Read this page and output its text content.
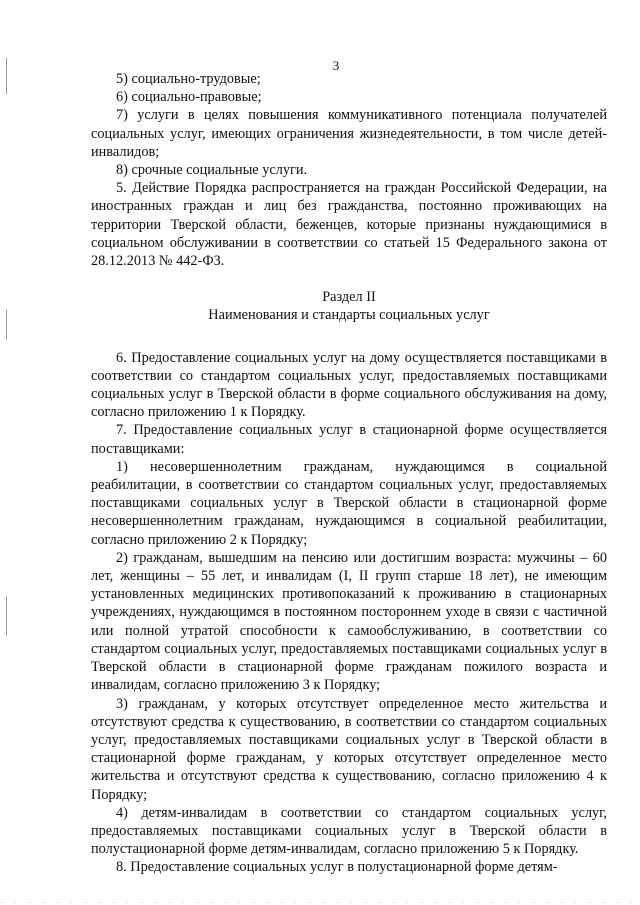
3

5) социально-трудовые;

6) социально-правовые;

7) услуги в целях повышения коммуникативного потенциала получателей социальных услуг, имеющих ограничения жизнедеятельности, в том числе детей-инвалидов;

8) срочные социальные услуги.

5. Действие Порядка распространяется на граждан Российской Федерации, на иностранных граждан и лиц без гражданства, постоянно проживающих на территории Тверской области, беженцев, которые признаны нуждающимися в социальном обслуживании в соответствии со статьей 15 Федерального закона от 28.12.2013 № 442-ФЗ.

Раздел II
Наименования и стандарты социальных услуг

6. Предоставление социальных услуг на дому осуществляется поставщиками в соответствии со стандартом социальных услуг, предоставляемых поставщиками социальных услуг в Тверской области в форме социального обслуживания на дому, согласно приложению 1 к Порядку.

7. Предоставление социальных услуг в стационарной форме осуществляется поставщиками:

1) несовершеннолетним гражданам, нуждающимся в социальной реабилитации, в соответствии со стандартом социальных услуг, предоставляемых поставщиками социальных услуг в Тверской области в стационарной форме несовершеннолетним гражданам, нуждающимся в социальной реабилитации, согласно приложению 2 к Порядку;

2) гражданам, вышедшим на пенсию или достигшим возраста: мужчины – 60 лет, женщины – 55 лет, и инвалидам (I, II групп старше 18 лет), не имеющим установленных медицинских противопоказаний к проживанию в стационарных учреждениях, нуждающимся в постоянном постороннем уходе в связи с частичной или полной утратой способности к самообслуживанию, в соответствии со стандартом социальных услуг, предоставляемых поставщиками социальных услуг в Тверской области в стационарной форме гражданам пожилого возраста и инвалидам, согласно приложению 3 к Порядку;

3) гражданам, у которых отсутствует определенное место жительства и отсутствуют средства к существованию, в соответствии со стандартом социальных услуг, предоставляемых поставщиками социальных услуг в Тверской области в стационарной форме гражданам, у которых отсутствует определенное место жительства и отсутствуют средства к существованию, согласно приложению 4 к Порядку;

4) детям-инвалидам в соответствии со стандартом социальных услуг, предоставляемых поставщиками социальных услуг в Тверской области в полустационарной форме детям-инвалидам, согласно приложению 5 к Порядку.

8. Предоставление социальных услуг в полустационарной форме детям-
